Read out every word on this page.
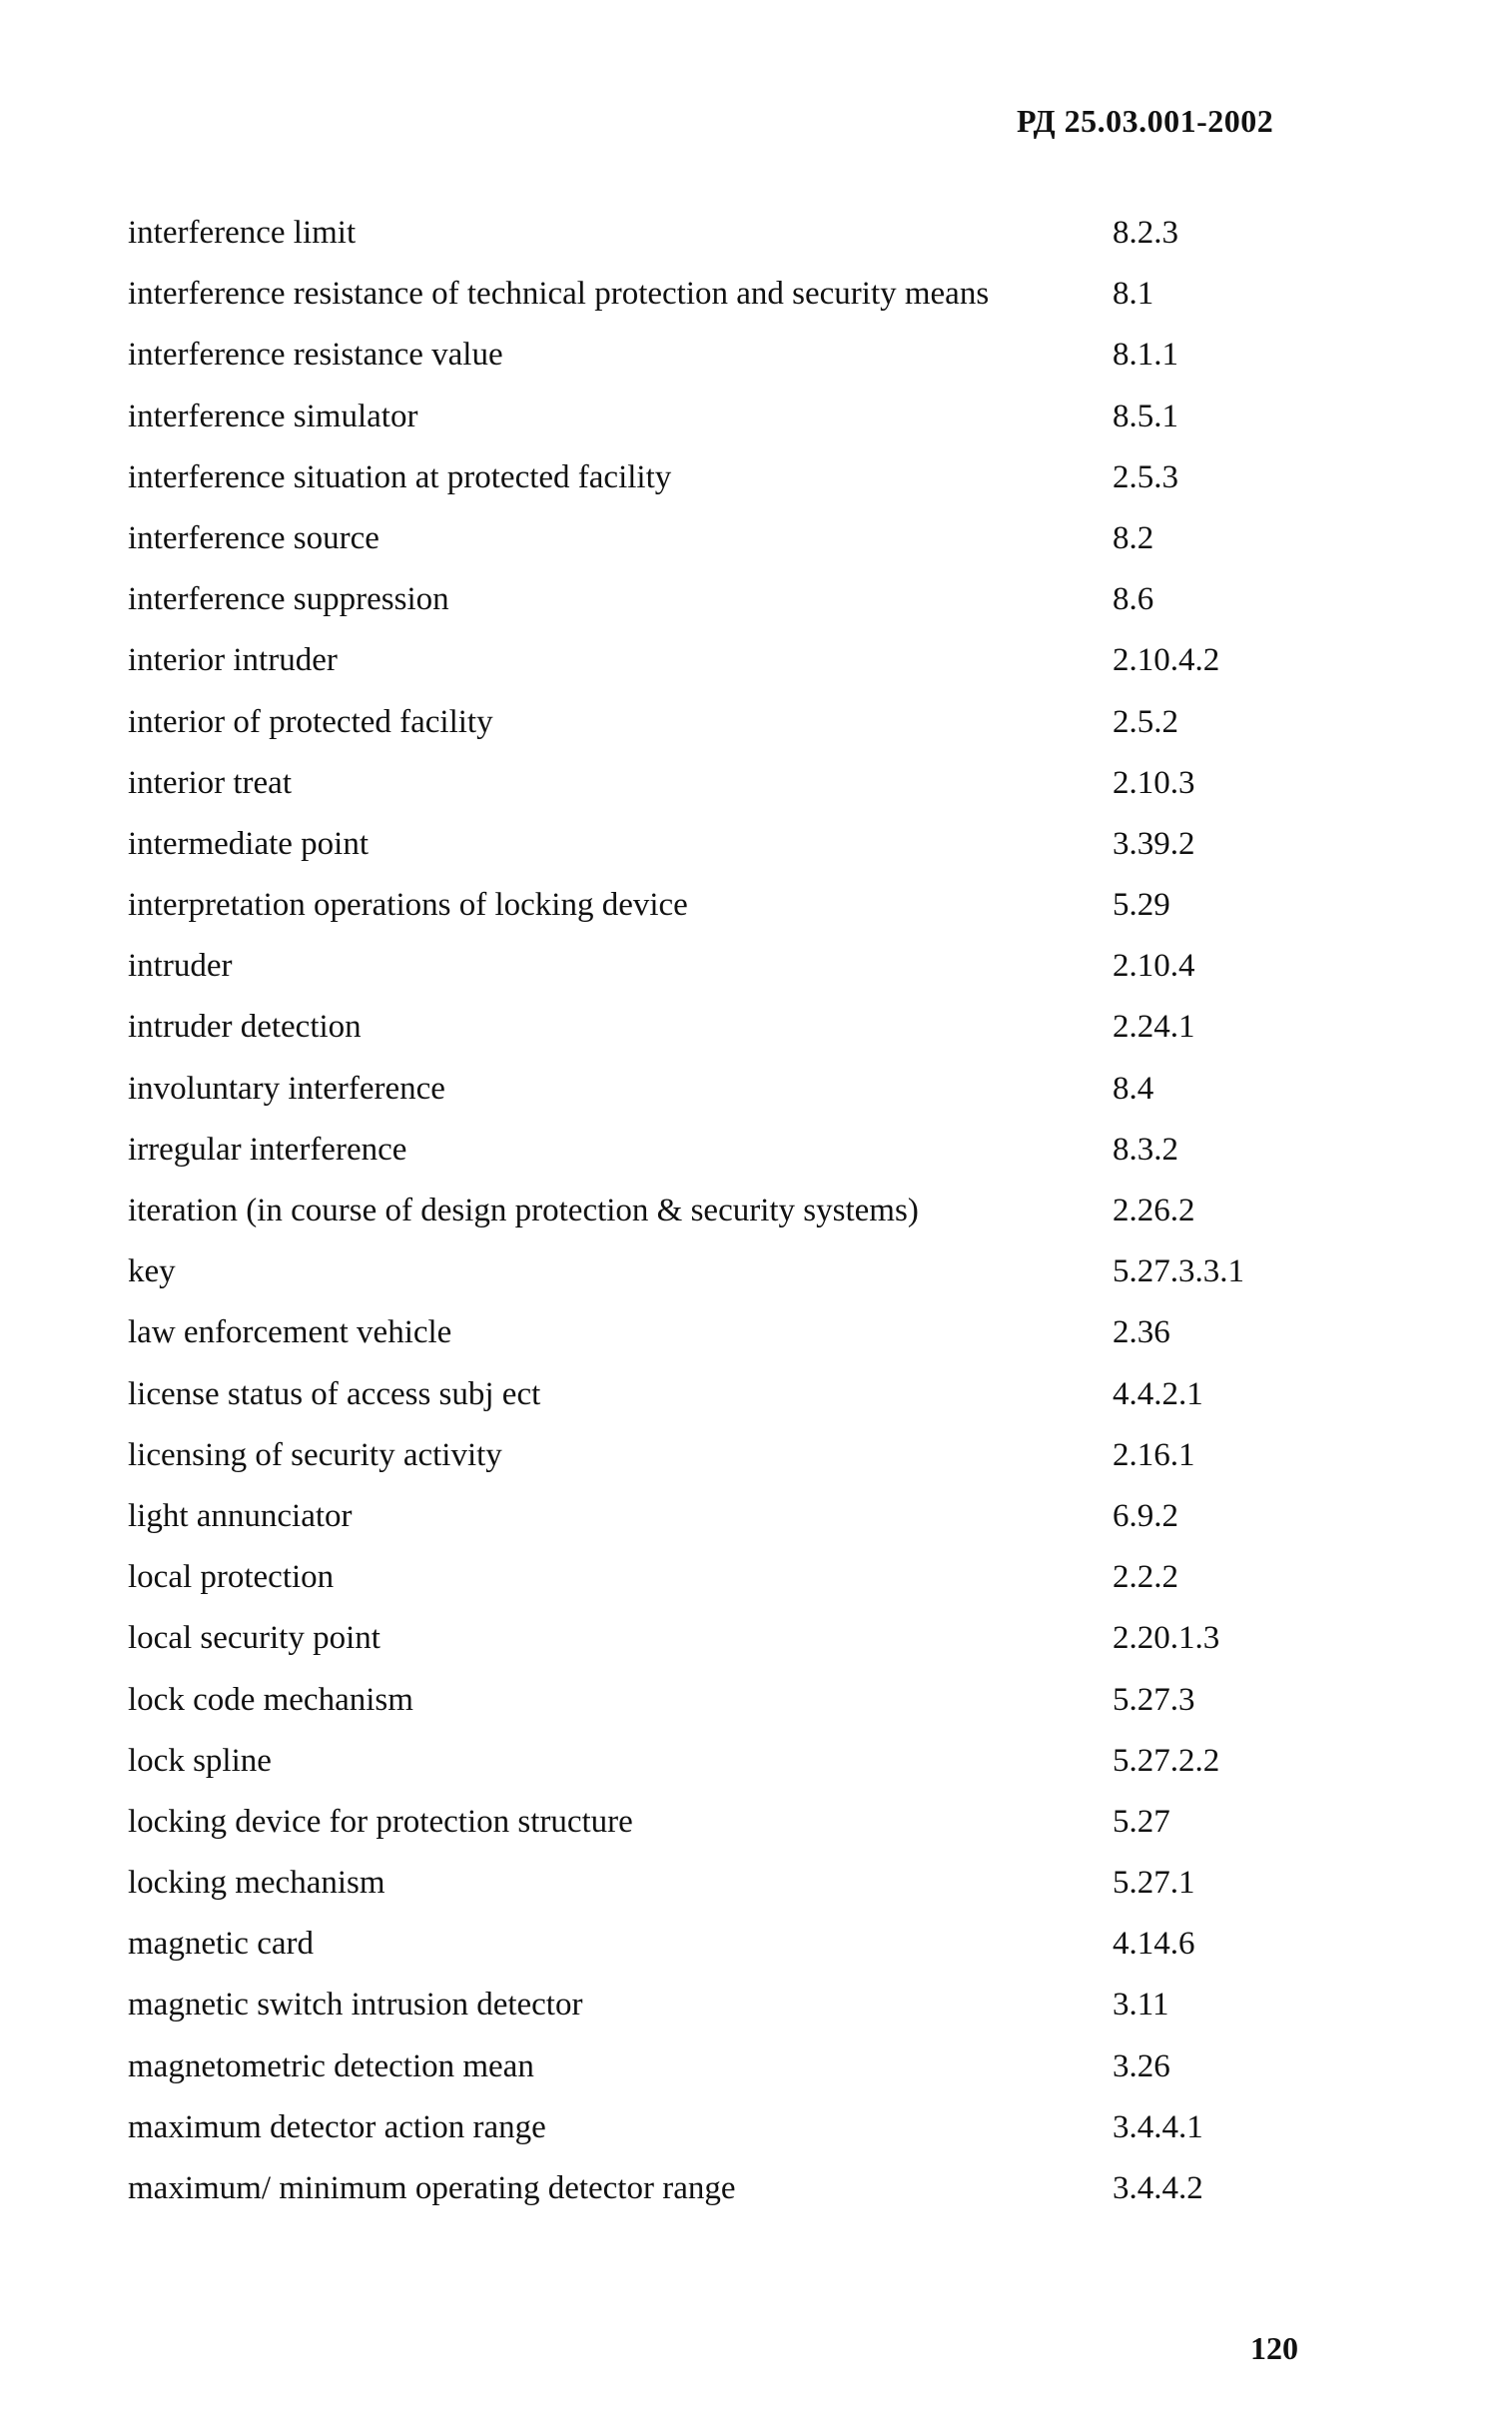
РД 25.03.001-2002
interference limit	8.2.3
interference resistance of technical protection and security means	8.1
interference resistance value	8.1.1
interference simulator	8.5.1
interference situation at protected facility	2.5.3
interference source	8.2
interference suppression	8.6
interior intruder	2.10.4.2
interior of protected facility	2.5.2
interior treat	2.10.3
intermediate point	3.39.2
interpretation operations of locking device	5.29
intruder	2.10.4
intruder detection	2.24.1
involuntary interference	8.4
irregular interference	8.3.2
iteration (in course of design protection & security systems)	2.26.2
key	5.27.3.3.1
law enforcement vehicle	2.36
license status of access subj ect	4.4.2.1
licensing of security activity	2.16.1
light annunciator	6.9.2
local protection	2.2.2
local security point	2.20.1.3
lock code mechanism	5.27.3
lock spline	5.27.2.2
locking device for protection structure	5.27
locking mechanism	5.27.1
magnetic card	4.14.6
magnetic switch intrusion detector	3.11
magnetometric detection mean	3.26
maximum detector action range	3.4.4.1
maximum/ minimum operating detector range	3.4.4.2
120
